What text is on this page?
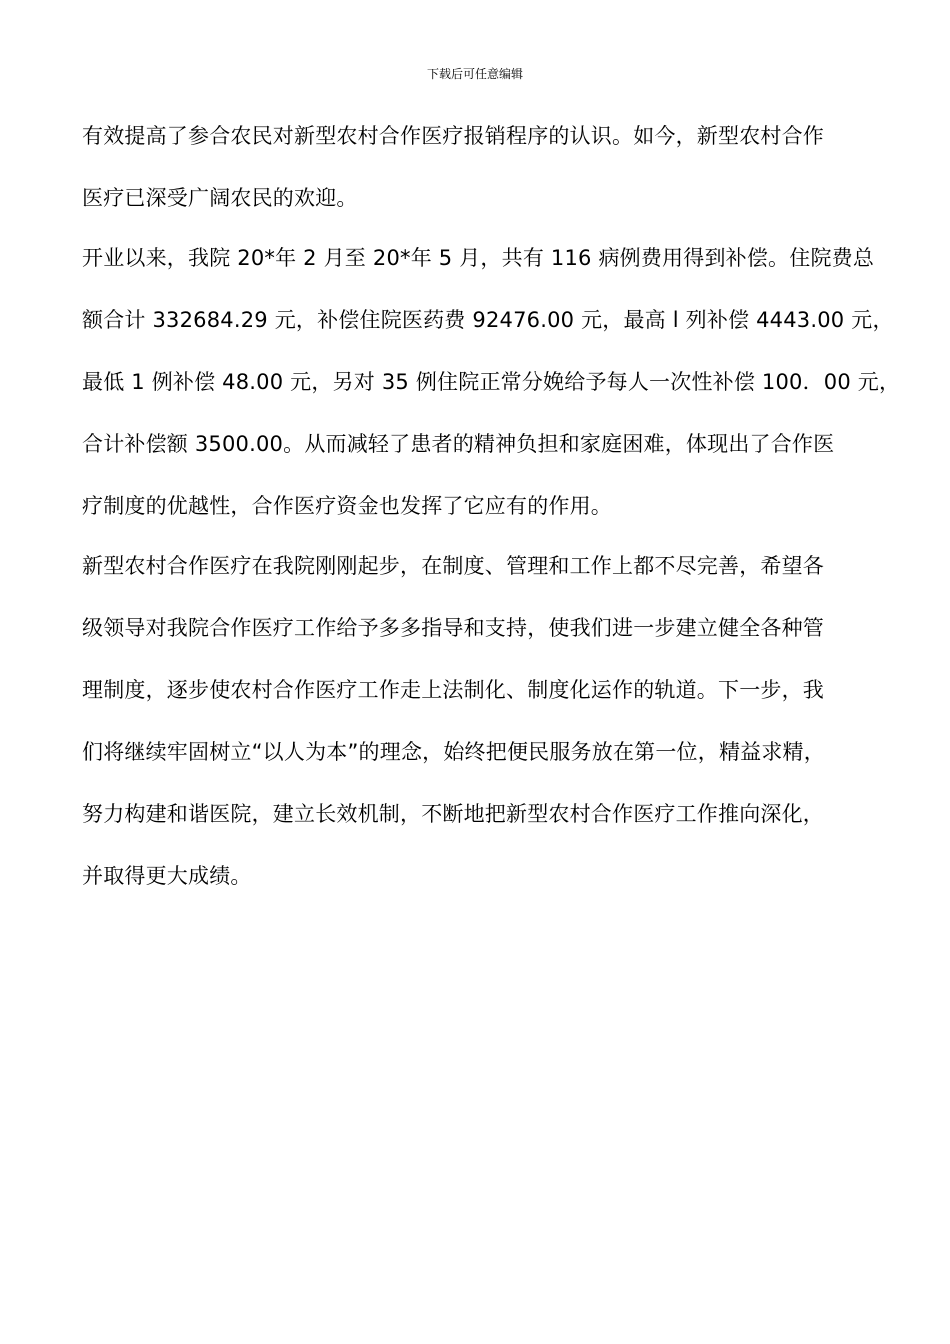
下载后可任意编辑
有效提高了参合农民对新型农村合作医疗报销程序的认识。如今，新型农村合作
医疗已深受广阔农民的欢迎。
开业以来，我院 20*年 2 月至 20*年 5 月，共有 116 病例费用得到补偿。住院费总
额合计 332684.29 元，补偿住院医药费 92476.00 元，最高 l 列补偿 4443.00 元，
最低 1 例补偿 48.00 元，另对 35 例住院正常分娩给予每人一次性补偿 100．00 元，
合计补偿额 3500.00。从而减轻了患者的精神负担和家庭困难，体现出了合作医
疗制度的优越性，合作医疗资金也发挥了它应有的作用。
新型农村合作医疗在我院刚刚起步，在制度、管理和工作上都不尽完善，希望各
级领导对我院合作医疗工作给予多多指导和支持，使我们进一步建立健全各种管
理制度，逐步使农村合作医疗工作走上法制化、制度化运作的轨道。下一步，我
们将继续牢固树立“以人为本”的理念，始终把便民服务放在第一位，精益求精，
努力构建和谐医院，建立长效机制，不断地把新型农村合作医疗工作推向深化，
并取得更大成绩。
